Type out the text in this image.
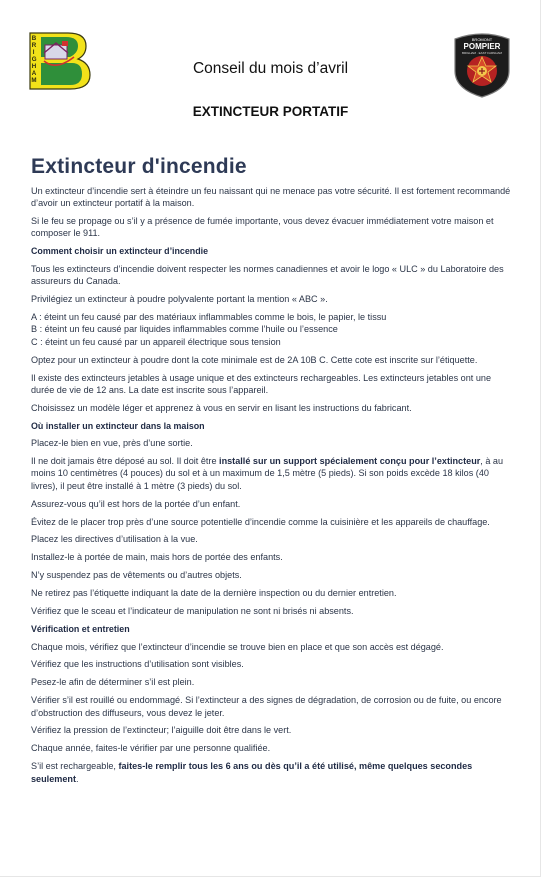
B
R
I
G
H
A
M
BROMONT
POMPIER
BRIGHAM · EAST FARNHAM
Conseil du mois d’avril
EXTINCTEUR PORTATIF
Extincteur d'incendie

Un extincteur d’incendie sert à éteindre un feu naissant qui ne menace pas votre sécurité. Il est fortement recommandé d’avoir un extincteur portatif à la maison.

Si le feu se propage ou s’il y a présence de fumée importante, vous devez évacuer immédiatement votre maison et composer le 911.

Comment choisir un extincteur d’incendie

Tous les extincteurs d’incendie doivent respecter les normes canadiennes et avoir le logo « ULC » du Laboratoire des assureurs du Canada.

Privilégiez un extincteur à poudre polyvalente portant la mention « ABC ».

A : éteint un feu causé par des matériaux inflammables comme le bois, le papier, le tissu
B : éteint un feu causé par liquides inflammables comme l’huile ou l’essence
C : éteint un feu causé par un appareil électrique sous tension

Optez pour un extincteur à poudre dont la cote minimale est de 2A 10B C. Cette cote est inscrite sur l’étiquette.

Il existe des extincteurs jetables à usage unique et des extincteurs rechargeables. Les extincteurs jetables ont une durée de vie de 12 ans. La date est inscrite sous l’appareil.

Choisissez un modèle léger et apprenez à vous en servir en lisant les instructions du fabricant.

Où installer un extincteur dans la maison

Placez-le bien en vue, près d’une sortie.

Il ne doit jamais être déposé au sol. Il doit être installé sur un support spécialement conçu pour l’extincteur, à au moins 10 centimètres (4 pouces) du sol et à un maximum de 1,5 mètre (5 pieds). Si son poids excède 18 kilos (40 livres), il peut être installé à 1 mètre (3 pieds) du sol.

Assurez-vous qu’il est hors de la portée d’un enfant.

Évitez de le placer trop près d’une source potentielle d’incendie comme la cuisinière et les appareils de chauffage.

Placez les directives d’utilisation à la vue.

Installez-le à portée de main, mais hors de portée des enfants.

N’y suspendez pas de vêtements ou d’autres objets.

Ne retirez pas l’étiquette indiquant la date de la dernière inspection ou du dernier entretien.

Vérifiez que le sceau et l’indicateur de manipulation ne sont ni brisés ni absents.

Vérification et entretien

Chaque mois, vérifiez que l’extincteur d’incendie se trouve bien en place et que son accès est dégagé.

Vérifiez que les instructions d’utilisation sont visibles.

Pesez-le afin de déterminer s’il est plein.

Vérifier s’il est rouillé ou endommagé. Si l’extincteur a des signes de dégradation, de corrosion ou de fuite, ou encore d’obstruction des diffuseurs, vous devez le jeter.

Vérifiez la pression de l’extincteur; l’aiguille doit être dans le vert.

Chaque année, faites-le vérifier par une personne qualifiée.

S’il est rechargeable, faites-le remplir tous les 6 ans ou dès qu’il a été utilisé, même quelques secondes seulement.
